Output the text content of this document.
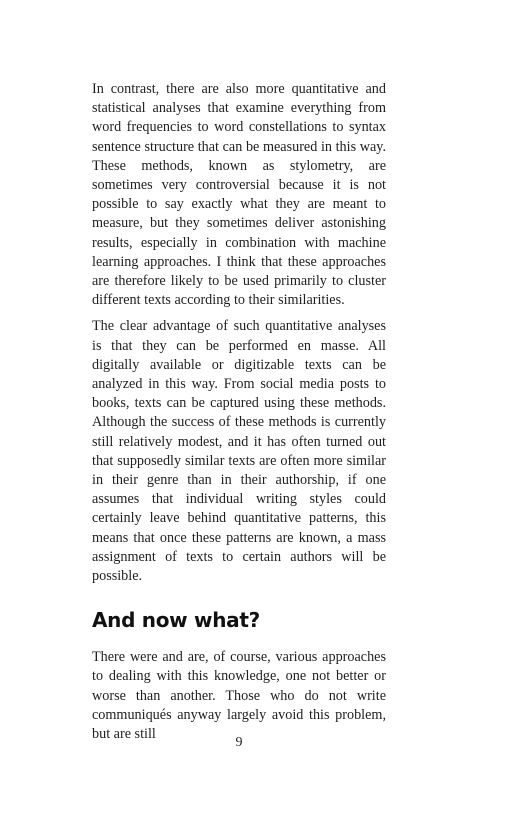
In contrast, there are also more quantitative and statistical analyses that examine everything from word frequencies to word constellations to syntax sentence structure that can be measured in this way. These methods, known as stylometry, are sometimes very controversial because it is not possible to say exactly what they are meant to measure, but they sometimes deliver astonishing results, especially in combination with machine learning approaches. I think that these approaches are therefore likely to be used primarily to cluster different texts according to their similarities.

The clear advantage of such quantitative analyses is that they can be performed en masse. All digitally available or digitizable texts can be analyzed in this way. From social media posts to books, texts can be captured using these methods. Although the success of these methods is currently still relatively modest, and it has often turned out that supposedly similar texts are often more similar in their genre than in their authorship, if one assumes that individual writing styles could certainly leave behind quantitative patterns, this means that once these patterns are known, a mass assignment of texts to certain authors will be possible.

And now what?

There were and are, of course, various approaches to dealing with this knowledge, one not better or worse than another. Those who do not write communiqués anyway largely avoid this problem, but are still

9
